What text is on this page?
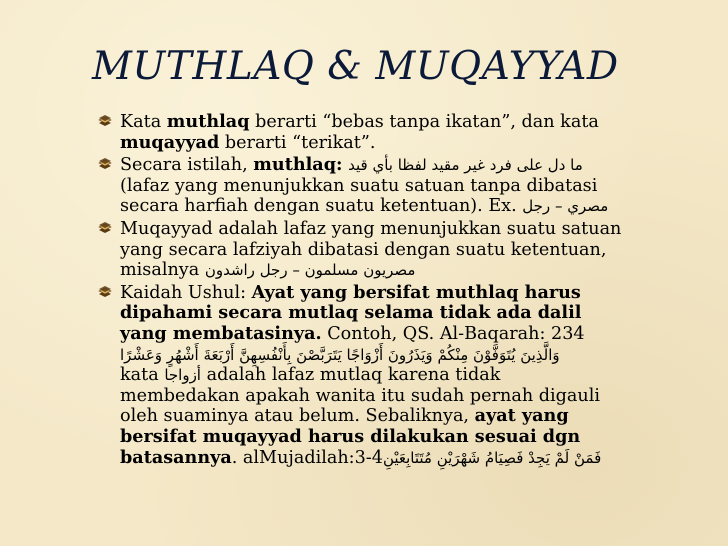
MUTHLAQ & MUQAYYAD
Kata muthlaq berarti “bebas tanpa ikatan”, dan kata
muqayyad berarti “terikat”.
Secara istilah, muthlaq: ما دل على فرد غير مقيد لفظا بأي قيد
(lafaz yang menunjukkan suatu satuan tanpa dibatasi
secara harfiah dengan suatu ketentuan). Ex. مصري – رجل
Muqayyad adalah lafaz yang menunjukkan suatu satuan
yang secara lafziyah dibatasi dengan suatu ketentuan,
misalnya مصريون مسلمون – رجل راشدون
Kaidah Ushul: Ayat yang bersifat muthlaq harus
dipahami secara mutlaq selama tidak ada dalil
yang membatasinya. Contoh, QS. Al-Baqarah: 234
وَالَّذِينَ يُتَوَفَّوْنَ مِنْكُمْ وَيَذَرُونَ أَزْوَاجًا يَتَرَبَّصْنَ بِأَنْفُسِهِنَّ أَرْبَعَةَ أَشْهُرٍ وَعَشْرًا
kata أزواجا adalah lafaz mutlaq karena tidak
membedakan apakah wanita itu sudah pernah digauli
oleh suaminya atau belum. Sebaliknya, ayat yang
bersifat muqayyad harus dilakukan sesuai dgn
batasannya. alMujadilah:3-4فَمَنْ لَمْ يَجِدْ فَصِيَامُ شَهْرَيْنِ مُتَتَابِعَيْنِ
